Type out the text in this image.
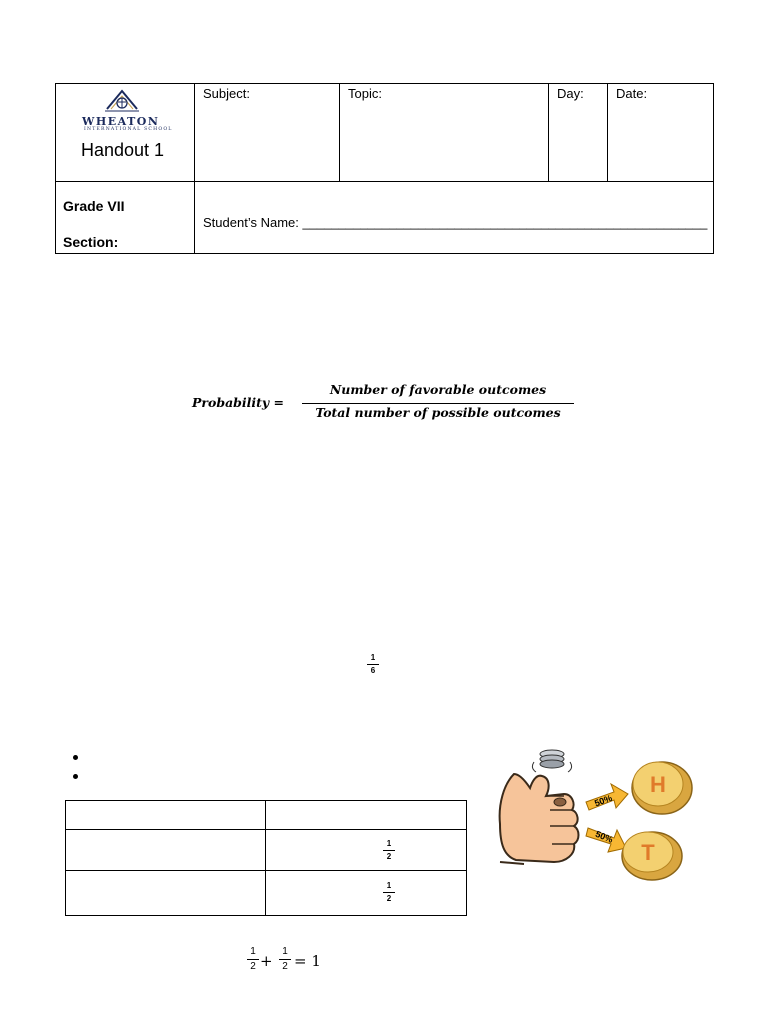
WHEATON
INTERNATIONAL SCHOOL
Handout 1	Subject:	Topic:	Day:	Date:

Grade VII
Section:	Student’s Name: ________________________________________________________			
Probability =
Number of favorable outcomes
Total number of possible outcomes
1
6

	1
2

	1
2
50%
50%
H
T
1
2 +
1
2 = 1
